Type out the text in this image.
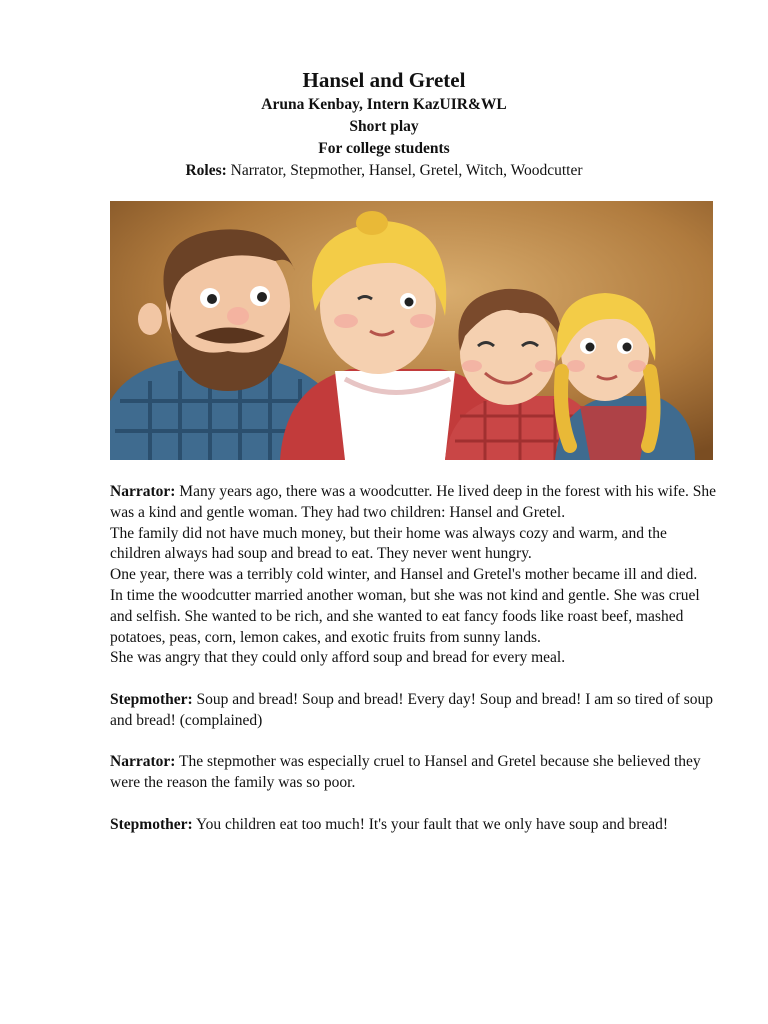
Hansel and Gretel

Aruna Kenbay, Intern KazUIR&WL

Short play

For college students

Roles: Narrator, Stepmother, Hansel, Gretel, Witch, Woodcutter

Narrator: Many years ago, there was a woodcutter. He lived deep in the forest with his wife. She was a kind and gentle woman. They had two children: Hansel and Gretel.

The family did not have much money, but their home was always cozy and warm, and the children always had soup and bread to eat. They never went hungry.

One year, there was a terribly cold winter, and Hansel and Gretel's mother became ill and died.

In time the woodcutter married another woman, but she was not kind and gentle. She was cruel and selfish. She wanted to be rich, and she wanted to eat fancy foods like roast beef, mashed potatoes, peas, corn, lemon cakes, and exotic fruits from sunny lands.

She was angry that they could only afford soup and bread for every meal.

Stepmother: Soup and bread! Soup and bread! Every day! Soup and bread! I am so tired of soup and bread! (complained)

Narrator: The stepmother was especially cruel to Hansel and Gretel because she believed they were the reason the family was so poor.

Stepmother: You children eat too much! It's your fault that we only have soup and bread!
